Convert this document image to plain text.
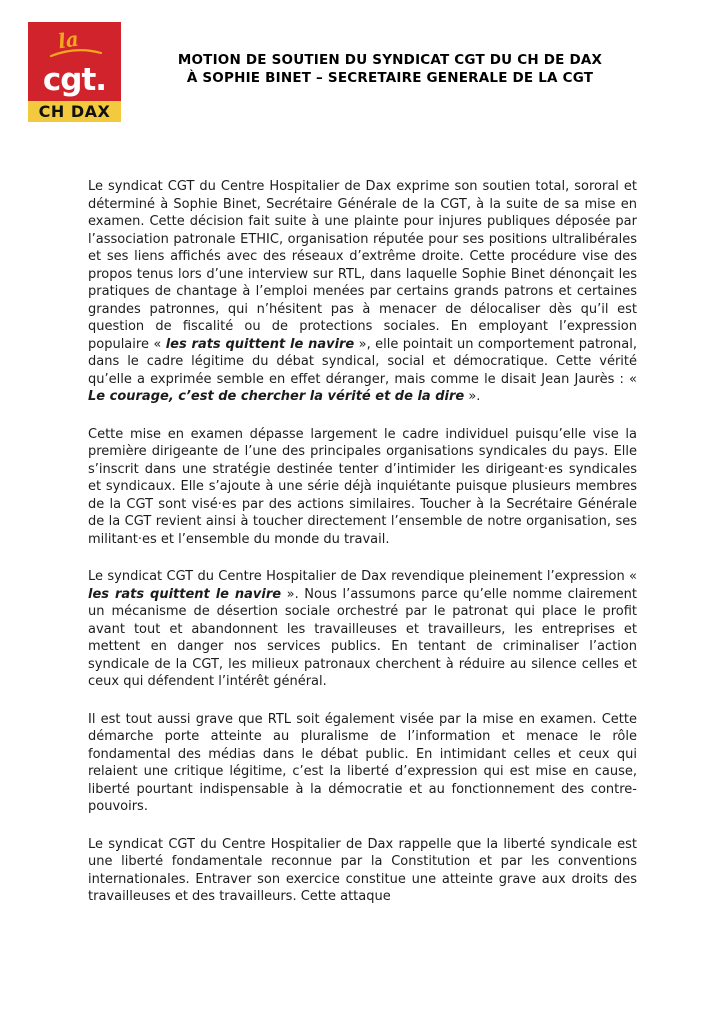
la
cgt.
CH DAX
MOTION DE SOUTIEN DU SYNDICAT CGT DU CH DE DAX
À SOPHIE BINET – SECRETAIRE GENERALE DE LA CGT

Le syndicat CGT du Centre Hospitalier de Dax exprime son soutien total, sororal et déterminé à Sophie Binet, Secrétaire Générale de la CGT, à la suite de sa mise en examen. Cette décision fait suite à une plainte pour injures publiques déposée par l’association patronale ETHIC, organisation réputée pour ses positions ultralibérales et ses liens affichés avec des réseaux d’extrême droite. Cette procédure vise des propos tenus lors d’une interview sur RTL, dans laquelle Sophie Binet dénonçait les pratiques de chantage à l’emploi menées par certains grands patrons et certaines grandes patronnes, qui n’hésitent pas à menacer de délocaliser dès qu’il est question de fiscalité ou de protections sociales. En employant l’expression populaire « les rats quittent le navire », elle pointait un comportement patronal, dans le cadre légitime du débat syndical, social et démocratique. Cette vérité qu’elle a exprimée semble en effet déranger, mais comme le disait Jean Jaurès : « Le courage, c’est de chercher la vérité et de la dire ».

Cette mise en examen dépasse largement le cadre individuel puisqu’elle vise la première dirigeante de l’une des principales organisations syndicales du pays. Elle s’inscrit dans une stratégie destinée tenter d’intimider les dirigeant·es syndicales et syndicaux. Elle s’ajoute à une série déjà inquiétante puisque plusieurs membres de la CGT sont visé·es par des actions similaires. Toucher à la Secrétaire Générale de la CGT revient ainsi à toucher directement l’ensemble de notre organisation, ses militant·es et l’ensemble du monde du travail.

Le syndicat CGT du Centre Hospitalier de Dax revendique pleinement l’expression « les rats quittent le navire ». Nous l’assumons parce qu’elle nomme clairement un mécanisme de désertion sociale orchestré par le patronat qui place le profit avant tout et abandonnent les travailleuses et travailleurs, les entreprises et mettent en danger nos services publics. En tentant de criminaliser l’action syndicale de la CGT, les milieux patronaux cherchent à réduire au silence celles et ceux qui défendent l’intérêt général.

Il est tout aussi grave que RTL soit également visée par la mise en examen. Cette démarche porte atteinte au pluralisme de l’information et menace le rôle fondamental des médias dans le débat public. En intimidant celles et ceux qui relaient une critique légitime, c’est la liberté d’expression qui est mise en cause, liberté pourtant indispensable à la démocratie et au fonctionnement des contre-pouvoirs.

Le syndicat CGT du Centre Hospitalier de Dax rappelle que la liberté syndicale est une liberté fondamentale reconnue par la Constitution et par les conventions internationales. Entraver son exercice constitue une atteinte grave aux droits des travailleuses et des travailleurs. Cette attaque
